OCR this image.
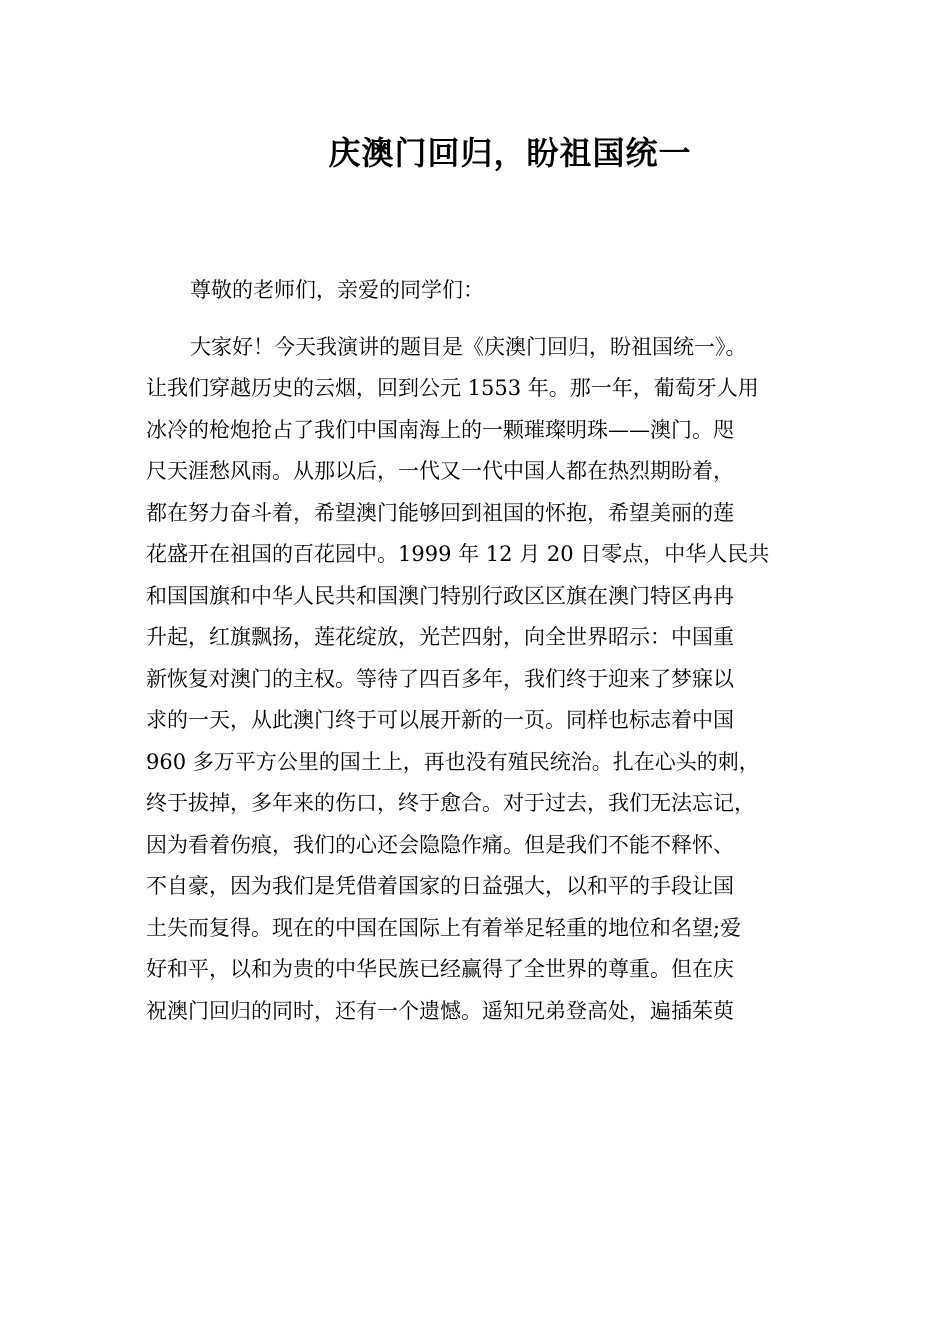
庆澳门回归，盼祖国统一
尊敬的老师们，亲爱的同学们：
大家好！今天我演讲的题目是《庆澳门回归，盼祖国统一》。
让我们穿越历史的云烟，回到公元 1553 年。那一年，葡萄牙人用
冰冷的枪炮抢占了我们中国南海上的一颗璀璨明珠——澳门。咫
尺天涯愁风雨。从那以后，一代又一代中国人都在热烈期盼着，
都在努力奋斗着，希望澳门能够回到祖国的怀抱，希望美丽的莲
花盛开在祖国的百花园中。1999 年 12 月 20 日零点，中华人民共
和国国旗和中华人民共和国澳门特别行政区区旗在澳门特区冉冉
升起，红旗飘扬，莲花绽放，光芒四射，向全世界昭示：中国重
新恢复对澳门的主权。等待了四百多年，我们终于迎来了梦寐以
求的一天，从此澳门终于可以展开新的一页。同样也标志着中国
960 多万平方公里的国土上，再也没有殖民统治。扎在心头的刺，
终于拔掉，多年来的伤口，终于愈合。对于过去，我们无法忘记，
因为看着伤痕，我们的心还会隐隐作痛。但是我们不能不释怀、
不自豪，因为我们是凭借着国家的日益强大，以和平的手段让国
土失而复得。现在的中国在国际上有着举足轻重的地位和名望;爱
好和平，以和为贵的中华民族已经赢得了全世界的尊重。但在庆
祝澳门回归的同时，还有一个遗憾。遥知兄弟登高处，遍插茱萸
